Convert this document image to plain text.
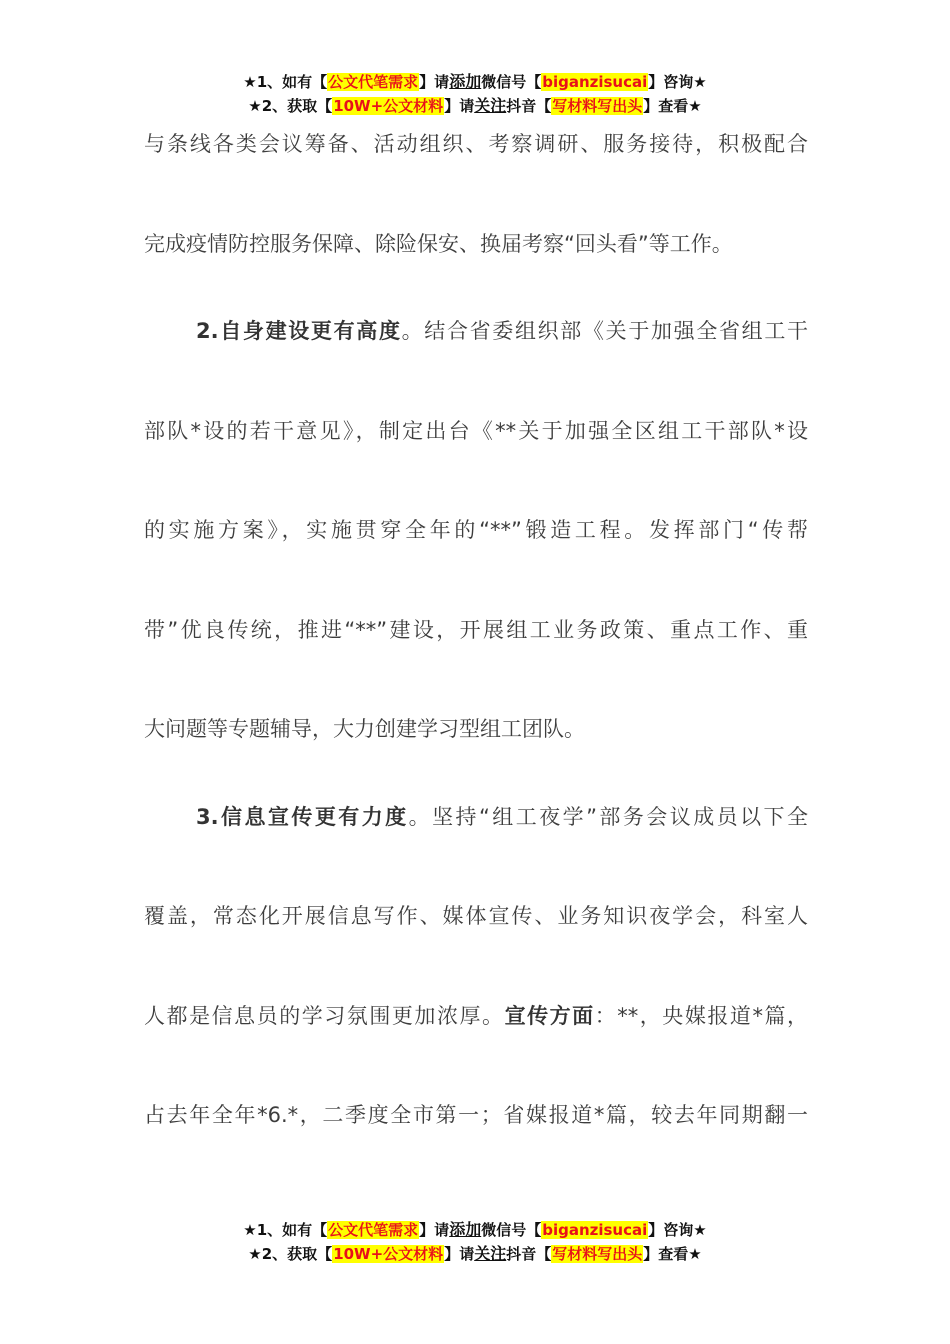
★1、如有【公文代笔需求】请添加微信号【biganzisucai】咨询★
★2、获取【10W+公文材料】请关注抖音【写材料写出头】查看★
与条线各类会议筹备、活动组织、考察调研、服务接待，积极配合
完成疫情防控服务保障、除险保安、换届考察“回头看”等工作。
2.自身建设更有高度。结合省委组织部《关于加强全省组工干
部队*设的若干意见》，制定出台《**关于加强全区组工干部队*设
的实施方案》，实施贯穿全年的“**”锻造工程。发挥部门“传帮
带”优良传统，推进“**”建设，开展组工业务政策、重点工作、重
大问题等专题辅导，大力创建学习型组工团队。
3.信息宣传更有力度。坚持“组工夜学”部务会议成员以下全
覆盖，常态化开展信息写作、媒体宣传、业务知识夜学会，科室人
人都是信息员的学习氛围更加浓厚。宣传方面：**，央媒报道*篇，
占去年全年*6.*，二季度全市第一；省媒报道*篇，较去年同期翻一
★1、如有【公文代笔需求】请添加微信号【biganzisucai】咨询★
★2、获取【10W+公文材料】请关注抖音【写材料写出头】查看★
